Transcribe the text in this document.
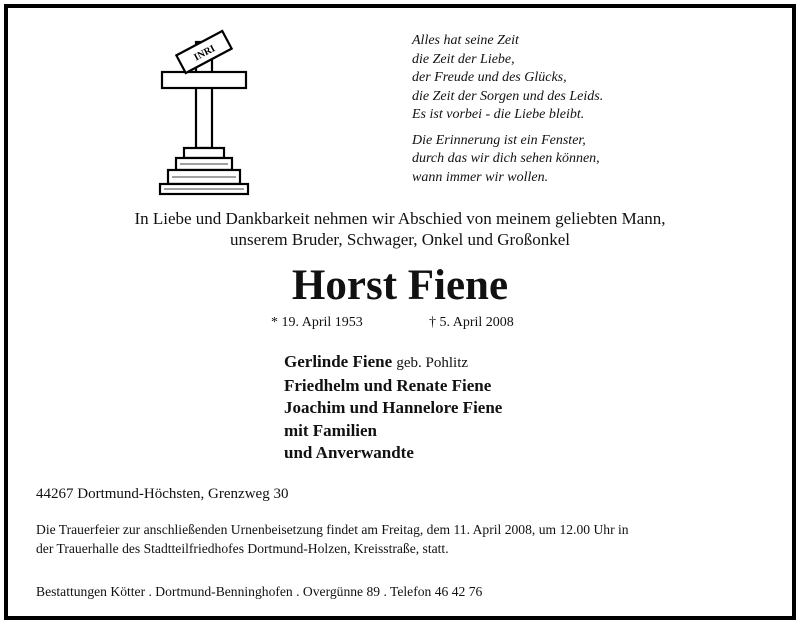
INRI
Alles hat seine Zeit
die Zeit der Liebe,
der Freude und des Glücks,
die Zeit der Sorgen und des Leids.
Es ist vorbei - die Liebe bleibt.
Die Erinnerung ist ein Fenster,
durch das wir dich sehen können,
wann immer wir wollen.
In Liebe und Dankbarkeit nehmen wir Abschied von meinem geliebten Mann,
unserem Bruder, Schwager, Onkel und Großonkel
Horst Fiene
* 19. April 1953	† 5. April 2008
Gerlinde Fiene geb. Pohlitz
Friedhelm und Renate Fiene
Joachim und Hannelore Fiene
mit Familien
und Anverwandte
44267 Dortmund-Höchsten, Grenzweg 30
Die Trauerfeier zur anschließenden Urnenbeisetzung findet am Freitag, dem 11. April 2008, um 12.00 Uhr in
der Trauerhalle des Stadtteilfriedhofes Dortmund-Holzen, Kreisstraße, statt.
Bestattungen Kötter . Dortmund-Benninghofen . Overgünne 89 . Telefon 46 42 76
